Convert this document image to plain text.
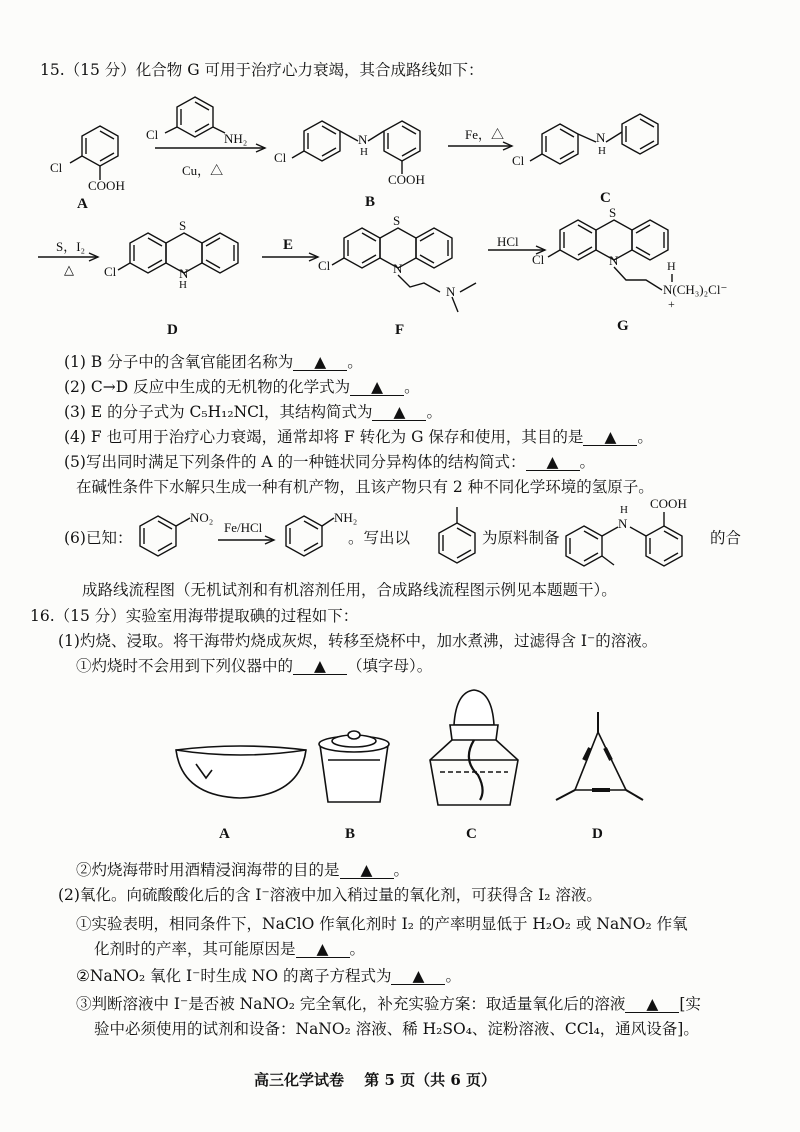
15.（15 分）化合物 G 可用于治疗心力衰竭，其合成路线如下：
Cl
COOH
A
Cl	NH₂
Cu，△
Cl
N
H
COOH
B
Fe，△
Cl
N
H
C
S，I₂
△
S
Cl	N
H
D
E
S
Cl	N
N
F
HCl
S
Cl	N	H
N(CH₃)₂Cl⁻
+
G
(1) B 分子中的含氧官能团名称为 ▲ 。
(2) C→D 反应中生成的无机物的化学式为 ▲ 。
(3) E 的分子式为 C₅H₁₂NCl，其结构简式为 ▲ 。
(4) F 也可用于治疗心力衰竭，通常却将 F 转化为 G 保存和使用，其目的是 ▲ 。
(5)写出同时满足下列条件的 A 的一种链状同分异构体的结构简式： ▲ 。
在碱性条件下水解只生成一种有机产物，且该产物只有 2 种不同化学环境的氢原子。
(6)已知：
NO₂
Fe/HCl
NH₂
。写出以	为原料制备
N
H COOH
的合
成路线流程图（无机试剂和有机溶剂任用，合成路线流程图示例见本题题干）。
16.（15 分）实验室用海带提取碘的过程如下：
(1)灼烧、浸取。将干海带灼烧成灰烬，转移至烧杯中，加水煮沸，过滤得含 I⁻的溶液。
①灼烧时不会用到下列仪器中的 ▲ （填字母）。
A	B	C	D
②灼烧海带时用酒精浸润海带的目的是 ▲ 。
(2)氧化。向硫酸酸化后的含 I⁻溶液中加入稍过量的氧化剂，可获得含 I₂ 溶液。
①实验表明，相同条件下，NaClO 作氧化剂时 I₂ 的产率明显低于 H₂O₂ 或 NaNO₂ 作氧
化剂时的产率，其可能原因是 ▲ 。
②NaNO₂ 氧化 I⁻时生成 NO 的离子方程式为 ▲ 。
③判断溶液中 I⁻是否被 NaNO₂ 完全氧化，补充实验方案：取适量氧化后的溶液 ▲ [实
验中必须使用的试剂和设备：NaNO₂ 溶液、稀 H₂SO₄、淀粉溶液、CCl₄，通风设备]。
高三化学试卷　 第 5 页（共 6 页）
